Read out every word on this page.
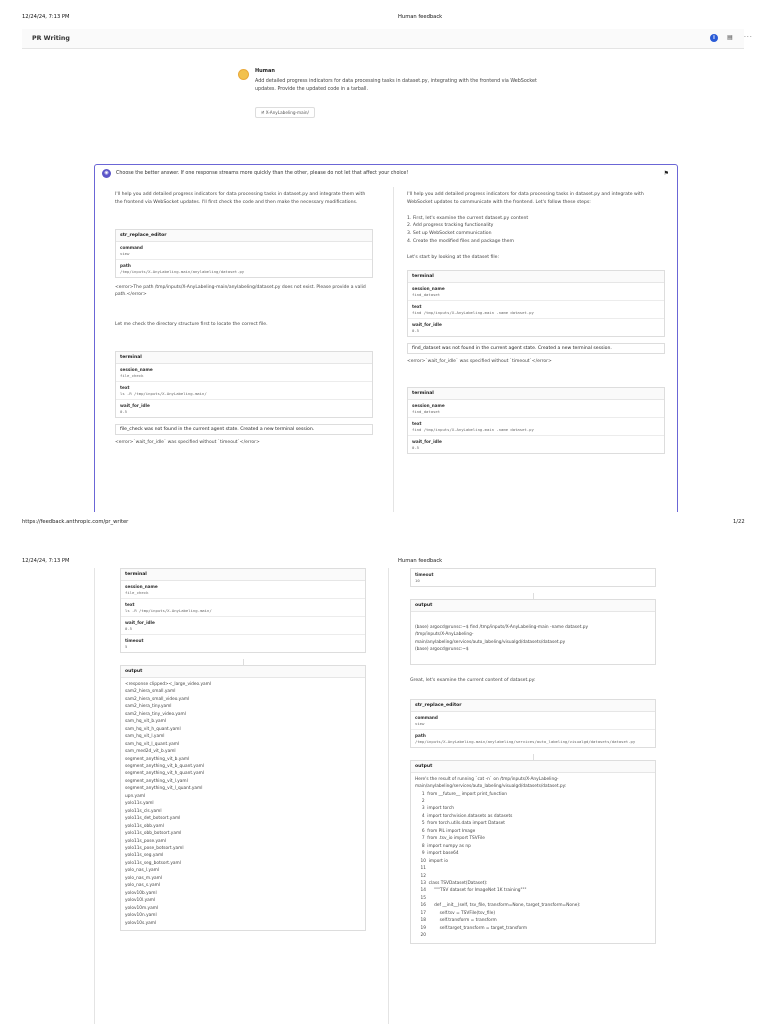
12/24/24, 7:13 PM	Human feedback
PR Writing	i	▤ ···
Human
Add detailed progress indicators for data processing tasks in dataset.py, integrating with the frontend via WebSocket updates. Provide the updated code in a tarball.
🗎 X-AnyLabeling-main/
◉	Choose the better answer. If one response streams more quickly than the other, please do not let that affect your choice!	⚑
I'll help you add detailed progress indicators for data processing tasks in dataset.py and integrate them with the frontend via WebSocket updates. I'll first check the code and then make the necessary modifications.
str_replace_editor
command
view
path
/tmp/inputs/X-AnyLabeling-main/anylabeling/dataset.py
<error>The path /tmp/inputs/X-AnyLabeling-main/anylabeling/dataset.py does not exist. Please provide a valid path.</error>
Let me check the directory structure first to locate the correct file.
terminal
session_name
file_check
text
ls -R /tmp/inputs/X-AnyLabeling-main/
wait_for_idle
0.5
file_check was not found in the current agent state. Created a new terminal session.
<error>`wait_for_idle` was specified without `timeout`</error>
I'll help you add detailed progress indicators for data processing tasks in dataset.py and integrate with WebSocket updates to communicate with the frontend. Let's follow these steps:
1. First, let's examine the current dataset.py content
2. Add progress tracking functionality
3. Set up WebSocket communication
4. Create the modified files and package them
Let's start by looking at the dataset file:
terminal
session_name
find_dataset
text
find /tmp/inputs/X-AnyLabeling-main -name dataset.py
wait_for_idle
0.5
find_dataset was not found in the current agent state. Created a new terminal session.
<error>`wait_for_idle` was specified without `timeout`</error>
terminal
session_name
find_dataset
text
find /tmp/inputs/X-AnyLabeling-main -name dataset.py
wait_for_idle
0.5
https://feedback.anthropic.com/pr_writer	1/22
12/24/24, 7:13 PM	Human feedback
terminal
session_name
file_check
text
ls -R /tmp/inputs/X-AnyLabeling-main/
wait_for_idle
0.5
timeout
5
output
<response clipped><_large_video.yaml
sam2_hiera_small.yaml
sam2_hiera_small_video.yaml
sam2_hiera_tiny.yaml
sam2_hiera_tiny_video.yaml
sam_hq_vit_b.yaml
sam_hq_vit_h_quant.yaml
sam_hq_vit_l.yaml
sam_hq_vit_l_quant.yaml
sam_med2d_vit_b.yaml
segment_anything_vit_b.yaml
segment_anything_vit_b_quant.yaml
segment_anything_vit_h_quant.yaml
segment_anything_vit_l.yaml
segment_anything_vit_l_quant.yaml
upn.yaml
yolo11s.yaml
yolo11s_cls.yaml
yolo11s_det_botsort.yaml
yolo11s_obb.yaml
yolo11s_obb_botsort.yaml
yolo11s_pose.yaml
yolo11s_pose_botsort.yaml
yolo11s_seg.yaml
yolo11s_seg_botsort.yaml
yolo_nas_l.yaml
yolo_nas_m.yaml
yolo_nas_s.yaml
yolov10b.yaml
yolov10l.yaml
yolov10m.yaml
yolov10n.yaml
yolov10s.yaml
timeout
10
output
(base) argocd@runsc:~$ find /tmp/inputs/X-AnyLabeling-main -name dataset.py
/tmp/inputs/X-AnyLabeling-
main/anylabeling/services/auto_labeling/visualgd/datasets/dataset.py
(base) argocd@runsc:~$
Great, let's examine the current content of dataset.py:
str_replace_editor
command
view
path
/tmp/inputs/X-AnyLabeling-main/anylabeling/services/auto_labeling/visualgd/datasets/dataset.py
output
Here's the result of running `cat -n` on /tmp/inputs/X-AnyLabeling-main/anylabeling/services/auto_labeling/visualgd/datasets/dataset.py:
1  from __future__ import print_function
2
3  import torch
4  import torchvision.datasets as datasets
5  from torch.utils.data import Dataset
6  from PIL import Image
7  from .tsv_io import TSVFile
8  import numpy as np
9  import base64
10  import io
11
12
13  class TSVDataset(Dataset):
14      """TSV dataset for ImageNet 1K training"""
15
16      def __init__(self, tsv_file, transform=None, target_transform=None):
17          self.tsv = TSVFile(tsv_file)
18          self.transform = transform
19          self.target_transform = target_transform
20
